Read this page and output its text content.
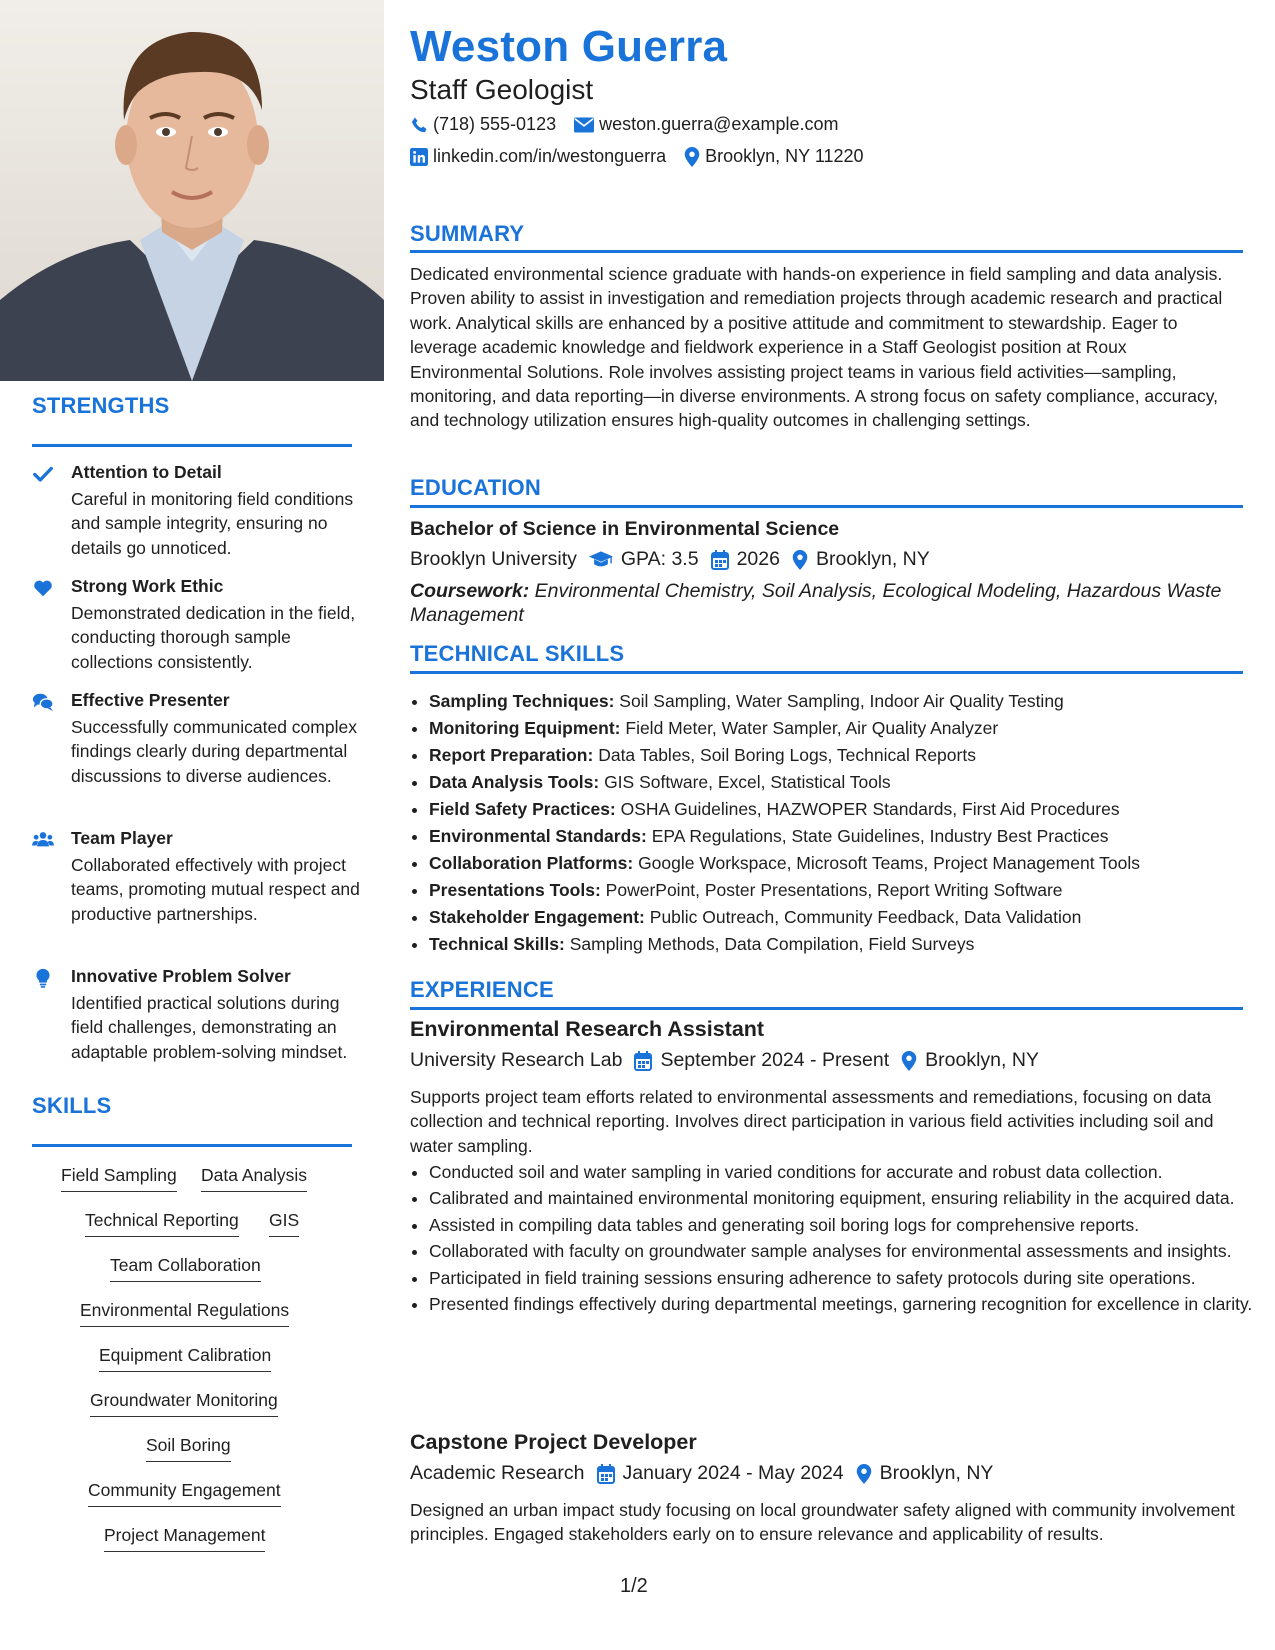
STRENGTHS
Attention to Detail
Careful in monitoring field conditions and sample integrity, ensuring no details go unnoticed.
Strong Work Ethic
Demonstrated dedication in the field, conducting thorough sample collections consistently.
Effective Presenter
Successfully communicated complex findings clearly during departmental discussions to diverse audiences.
Team Player
Collaborated effectively with project teams, promoting mutual respect and productive partnerships.
Innovative Problem Solver
Identified practical solutions during field challenges, demonstrating an adaptable problem-solving mindset.
SKILLS
Field Sampling Data Analysis
Technical Reporting GIS
Team Collaboration
Environmental Regulations
Equipment Calibration
Groundwater Monitoring
Soil Boring
Community Engagement
Project Management
Weston Guerra
Staff Geologist
(718) 555-0123 weston.guerra@example.com
linkedin.com/in/westonguerra Brooklyn, NY 11220
SUMMARY
Dedicated environmental science graduate with hands-on experience in field sampling and data analysis. Proven ability to assist in investigation and remediation projects through academic research and practical work. Analytical skills are enhanced by a positive attitude and commitment to stewardship. Eager to leverage academic knowledge and fieldwork experience in a Staff Geologist position at Roux Environmental Solutions. Role involves assisting project teams in various field activities—sampling, monitoring, and data reporting—in diverse environments. A strong focus on safety compliance, accuracy, and technology utilization ensures high-quality outcomes in challenging settings.
EDUCATION
Bachelor of Science in Environmental Science
Brooklyn University GPA: 3.5 2026 Brooklyn, NY
Coursework: Environmental Chemistry, Soil Analysis, Ecological Modeling, Hazardous Waste Management
TECHNICAL SKILLS
• Sampling Techniques: Soil Sampling, Water Sampling, Indoor Air Quality Testing
• Monitoring Equipment: Field Meter, Water Sampler, Air Quality Analyzer
• Report Preparation: Data Tables, Soil Boring Logs, Technical Reports
• Data Analysis Tools: GIS Software, Excel, Statistical Tools
• Field Safety Practices: OSHA Guidelines, HAZWOPER Standards, First Aid Procedures
• Environmental Standards: EPA Regulations, State Guidelines, Industry Best Practices
• Collaboration Platforms: Google Workspace, Microsoft Teams, Project Management Tools
• Presentations Tools: PowerPoint, Poster Presentations, Report Writing Software
• Stakeholder Engagement: Public Outreach, Community Feedback, Data Validation
• Technical Skills: Sampling Methods, Data Compilation, Field Surveys
EXPERIENCE
Environmental Research Assistant
University Research Lab September 2024 - Present Brooklyn, NY
Supports project team efforts related to environmental assessments and remediations, focusing on data collection and technical reporting. Involves direct participation in various field activities including soil and water sampling.
• Conducted soil and water sampling in varied conditions for accurate and robust data collection.
• Calibrated and maintained environmental monitoring equipment, ensuring reliability in the acquired data.
• Assisted in compiling data tables and generating soil boring logs for comprehensive reports.
• Collaborated with faculty on groundwater sample analyses for environmental assessments and insights.
• Participated in field training sessions ensuring adherence to safety protocols during site operations.
• Presented findings effectively during departmental meetings, garnering recognition for excellence in clarity.
Capstone Project Developer
Academic Research January 2024 - May 2024 Brooklyn, NY
Designed an urban impact study focusing on local groundwater safety aligned with community involvement principles. Engaged stakeholders early on to ensure relevance and applicability of results.
1/2
